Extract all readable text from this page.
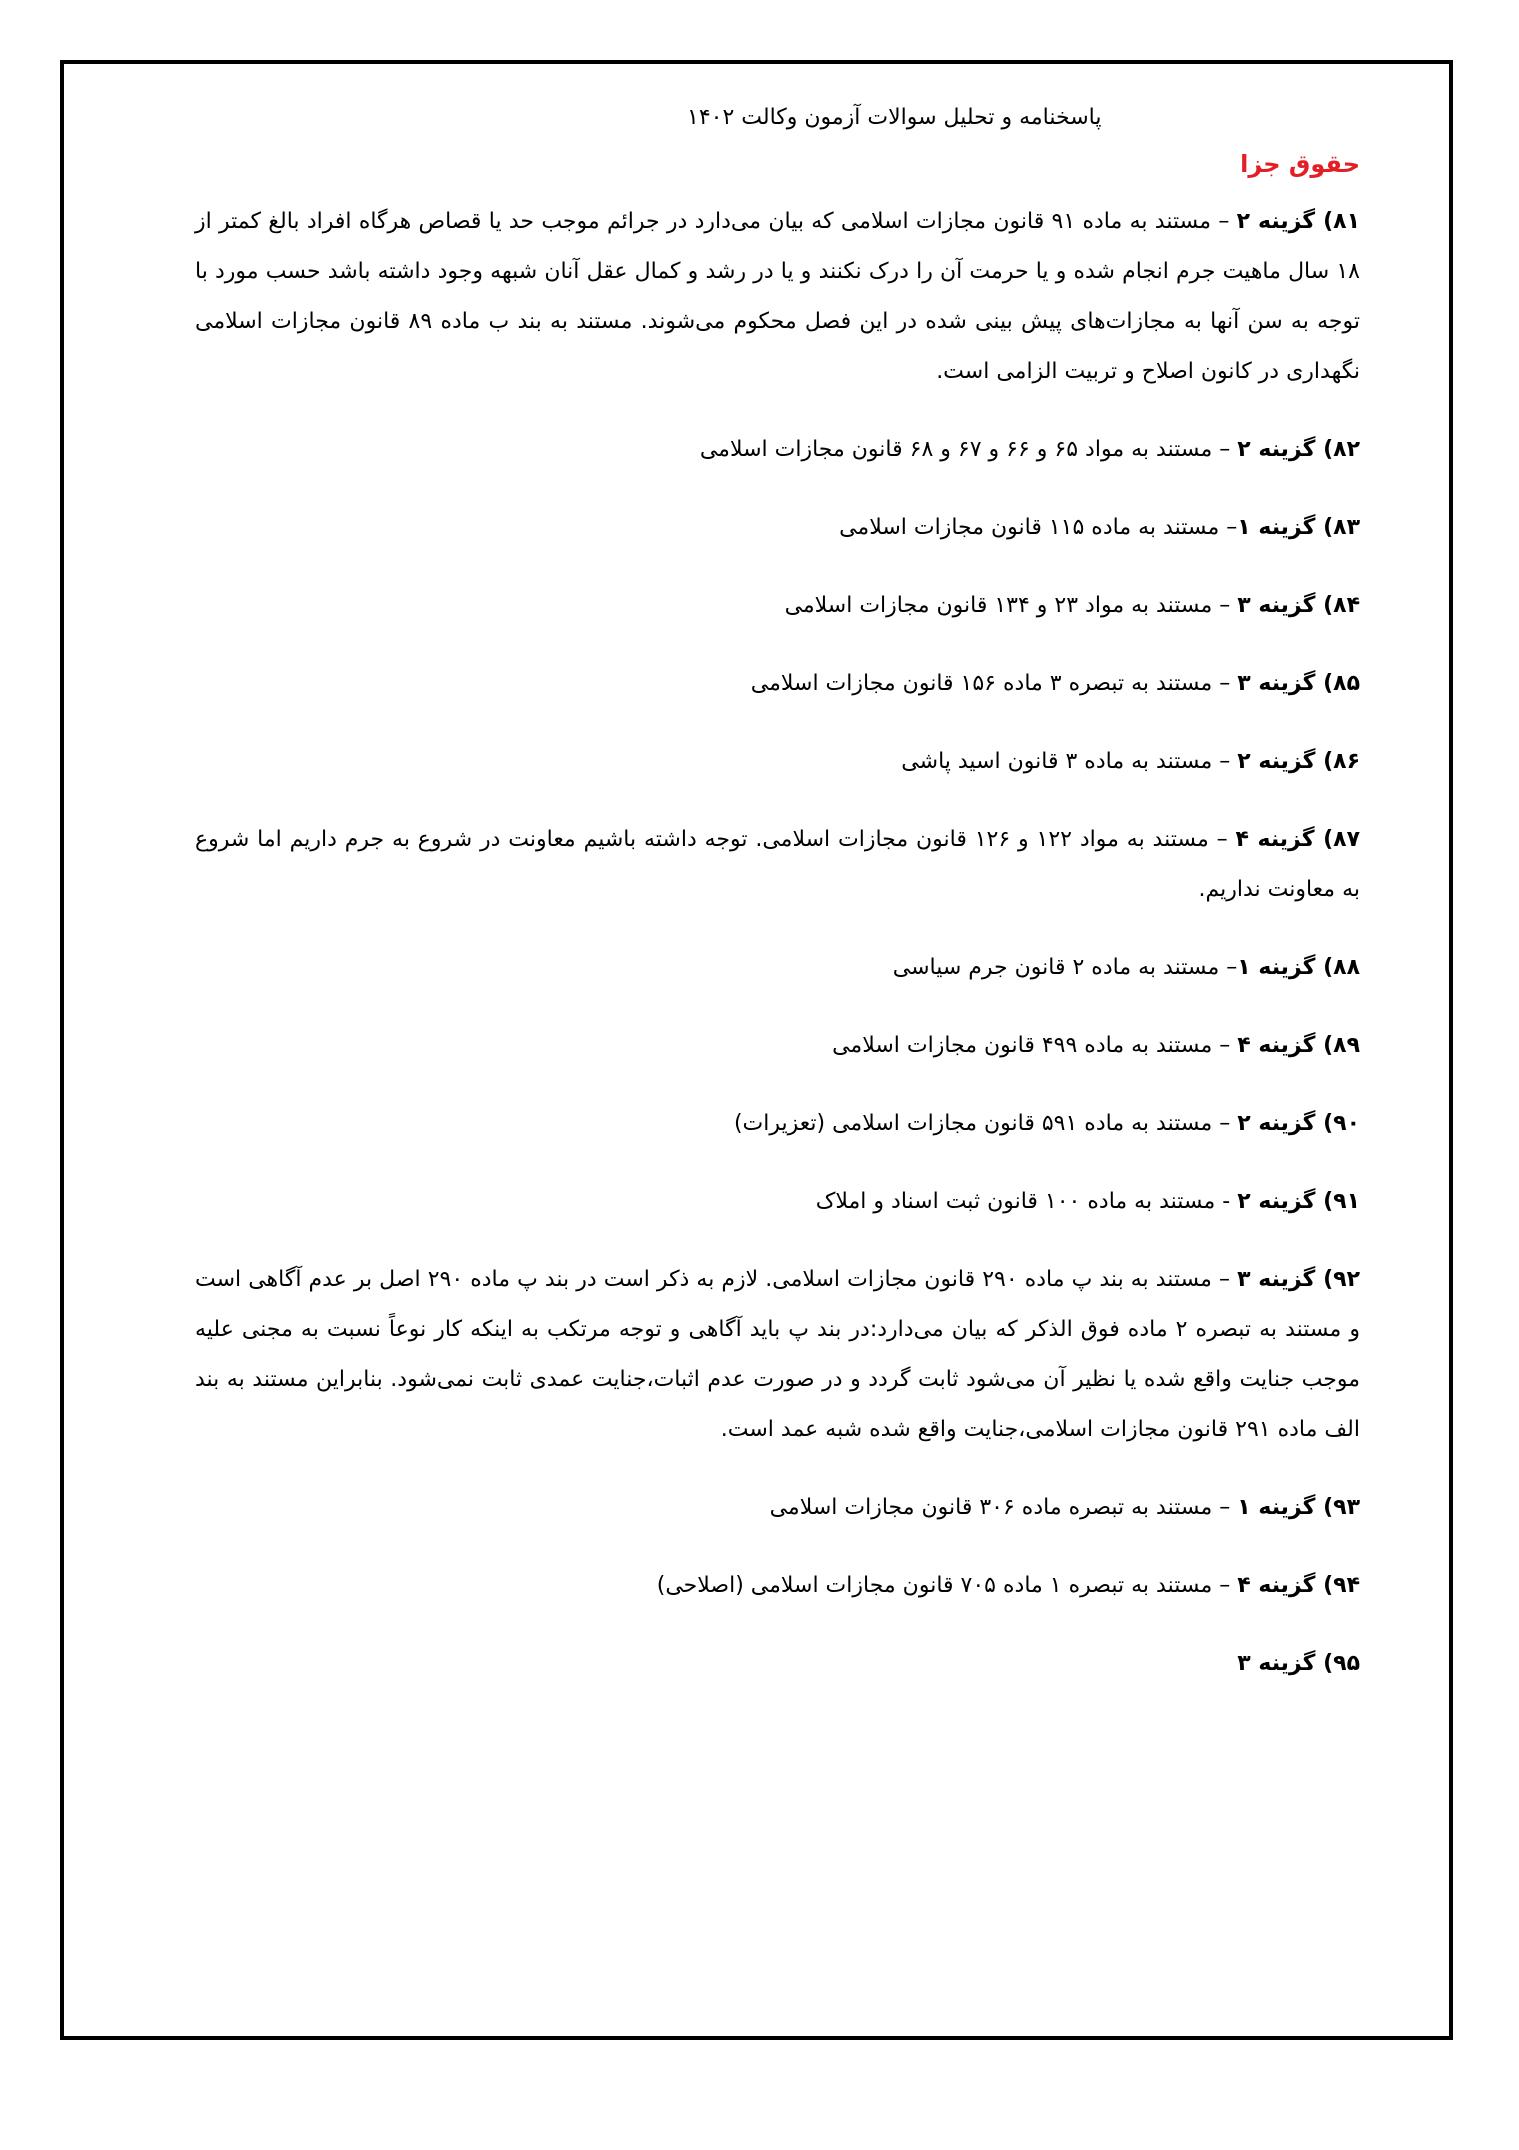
پاسخنامه و تحلیل سوالات آزمون وکالت ۱۴۰۲

حقوق جزا

۸۱) گزینه ۲ – مستند به ماده ۹۱ قانون مجازات اسلامی که بیان می‌دارد در جرائم موجب حد یا قصاص هرگاه افراد بالغ کمتر از ۱۸ سال ماهیت جرم انجام شده و یا حرمت آن را درک نکنند و یا در رشد و کمال عقل آنان شبهه وجود داشته باشد حسب مورد با توجه به سن آنها به مجازات‌های پیش بینی شده در این فصل محکوم می‌شوند. مستند به بند ب ماده ۸۹ قانون مجازات اسلامی نگهداری در کانون اصلاح و تربیت الزامی است.

۸۲) گزینه ۲ – مستند به مواد ۶۵ و ۶۶ و ۶۷ و ۶۸ قانون مجازات اسلامی

۸۳) گزینه ۱– مستند به ماده ۱۱۵ قانون مجازات اسلامی

۸۴) گزینه ۳ – مستند به مواد ۲۳ و ۱۳۴ قانون مجازات اسلامی

۸۵) گزینه ۳ – مستند به تبصره ۳ ماده ۱۵۶ قانون مجازات اسلامی

۸۶) گزینه ۲ – مستند به ماده ۳ قانون اسید پاشی

۸۷) گزینه ۴ – مستند به مواد ۱۲۲ و ۱۲۶ قانون مجازات اسلامی. توجه داشته باشیم معاونت در شروع به جرم داریم اما شروع به معاونت نداریم.

۸۸) گزینه ۱– مستند به ماده ۲ قانون جرم سیاسی

۸۹) گزینه ۴ – مستند به ماده ۴۹۹ قانون مجازات اسلامی

۹۰) گزینه ۲ – مستند به ماده ۵۹۱ قانون مجازات اسلامی (تعزیرات)

۹۱) گزینه ۲ - مستند به ماده ۱۰۰ قانون ثبت اسناد و املاک

۹۲) گزینه ۳ – مستند به بند پ ماده ۲۹۰ قانون مجازات اسلامی. لازم به ذکر است در بند پ ماده ۲۹۰ اصل بر عدم آگاهی است و مستند به تبصره ۲ ماده فوق الذکر که بیان می‌دارد:در بند پ باید آگاهی و توجه مرتکب به اینکه کار نوعاً نسبت به مجنی علیه موجب جنایت واقع شده یا نظیر آن می‌شود ثابت گردد و در صورت عدم اثبات،جنایت عمدی ثابت نمی‌شود. بنابراین مستند به بند الف ماده ۲۹۱ قانون مجازات اسلامی،جنایت واقع شده شبه عمد است.

۹۳) گزینه ۱ – مستند به تبصره ماده ۳۰۶ قانون مجازات اسلامی

۹۴) گزینه ۴ – مستند به تبصره ۱ ماده ۷۰۵ قانون مجازات اسلامی (اصلاحی)

۹۵) گزینه ۳
